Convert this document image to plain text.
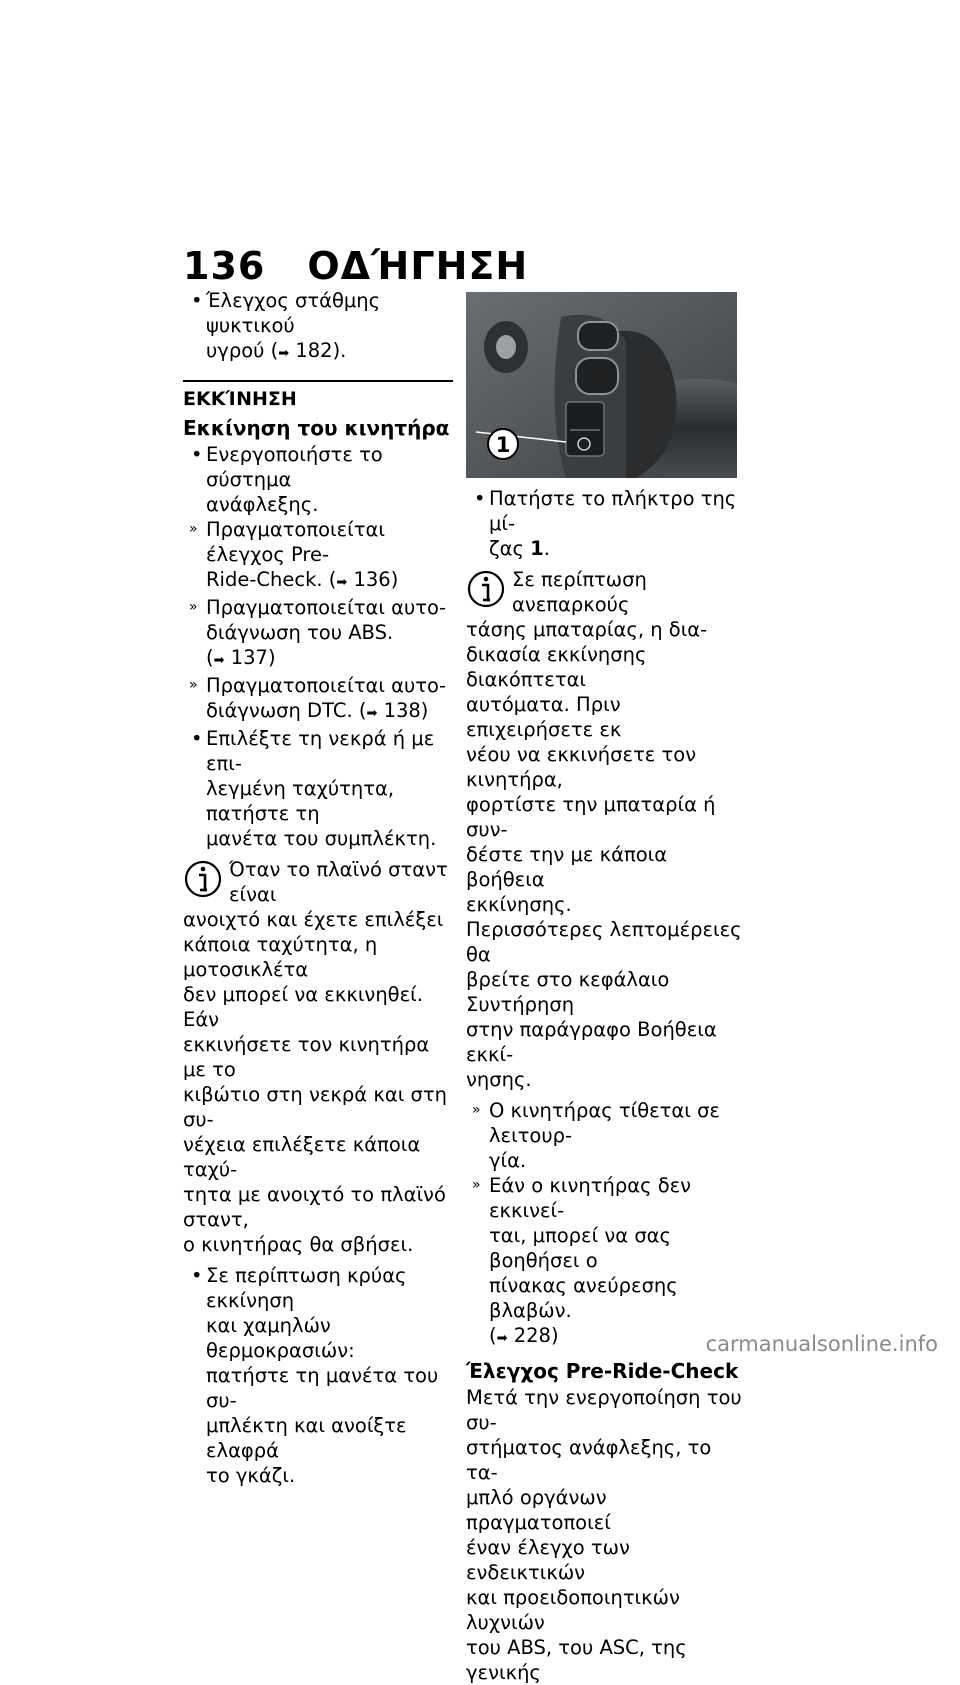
136 ΟΔΉΓΗΣΗ
• Έλεγχος στάθμης ψυκτικού
υγρού (➡ 182).
ΕΚΚΊΝΗΣΗ
Εκκίνηση του κινητήρα
• Ενεργοποιήστε το σύστημα
ανάφλεξης.
» Πραγματοποιείται έλεγχος Pre-
Ride-Check. (➡ 136)
» Πραγματοποιείται αυτο-
διάγνωση του ABS. (➡ 137)
» Πραγματοποιείται αυτο-
διάγνωση DTC. (➡ 138)
• Επιλέξτε τη νεκρά ή με επι-
λεγμένη ταχύτητα, πατήστε τη
μανέτα του συμπλέκτη.
Όταν το πλαϊνό σταντ είναι
ανοιχτό και έχετε επιλέξει
κάποια ταχύτητα, η μοτοσικλέτα
δεν μπορεί να εκκινηθεί. Εάν
εκκινήσετε τον κινητήρα με το
κιβώτιο στη νεκρά και στη συ-
νέχεια επιλέξετε κάποια ταχύ-
τητα με ανοιχτό το πλαϊνό σταντ,
ο κινητήρας θα σβήσει.
• Σε περίπτωση κρύας εκκίνηση
και χαμηλών θερμοκρασιών:
πατήστε τη μανέτα του συ-
μπλέκτη και ανοίξτε ελαφρά
το γκάζι.
1
• Πατήστε το πλήκτρο της μί-
ζας 1.
Σε περίπτωση ανεπαρκούς
τάσης μπαταρίας, η δια-
δικασία εκκίνησης διακόπτεται
αυτόματα. Πριν επιχειρήσετε εκ
νέου να εκκινήσετε τον κινητήρα,
φορτίστε την μπαταρία ή συν-
δέστε την με κάποια βοήθεια
εκκίνησης.
Περισσότερες λεπτομέρειες θα
βρείτε στο κεφάλαιο Συντήρηση
στην παράγραφο Βοήθεια εκκί-
νησης.
» Ο κινητήρας τίθεται σε λειτουρ-
γία.
» Εάν ο κινητήρας δεν εκκινεί-
ται, μπορεί να σας βοηθήσει ο
πίνακας ανεύρεσης βλαβών.
(➡ 228)
Έλεγχος Pre-Ride-Check
Μετά την ενεργοποίηση του συ-
στήματος ανάφλεξης, το τα-
μπλό οργάνων πραγματοποιεί
έναν έλεγχο των ενδεικτικών
και προειδοποιητικών λυχνιών
του ABS, του ASC, της γενικής
carmanualsonline.info
